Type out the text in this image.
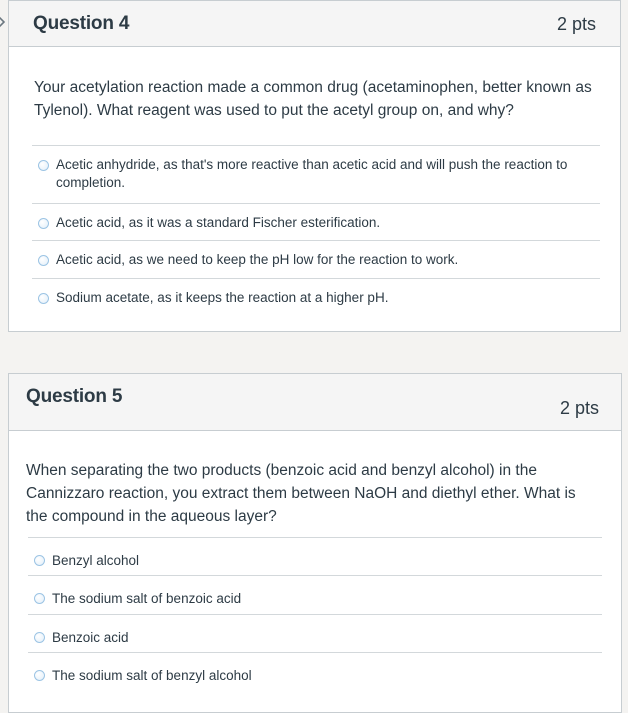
Question 4	2 pts
Your acetylation reaction made a common drug (acetaminophen, better known as Tylenol). What reagent was used to put the acetyl group on, and why?
Acetic anhydride, as that's more reactive than acetic acid and will push the reaction to completion.
Acetic acid, as it was a standard Fischer esterification.
Acetic acid, as we need to keep the pH low for the reaction to work.
Sodium acetate, as it keeps the reaction at a higher pH.
Question 5
2 pts
When separating the two products (benzoic acid and benzyl alcohol) in the Cannizzaro reaction, you extract them between NaOH and diethyl ether. What is the compound in the aqueous layer?
Benzyl alcohol
The sodium salt of benzoic acid
Benzoic acid
The sodium salt of benzyl alcohol
